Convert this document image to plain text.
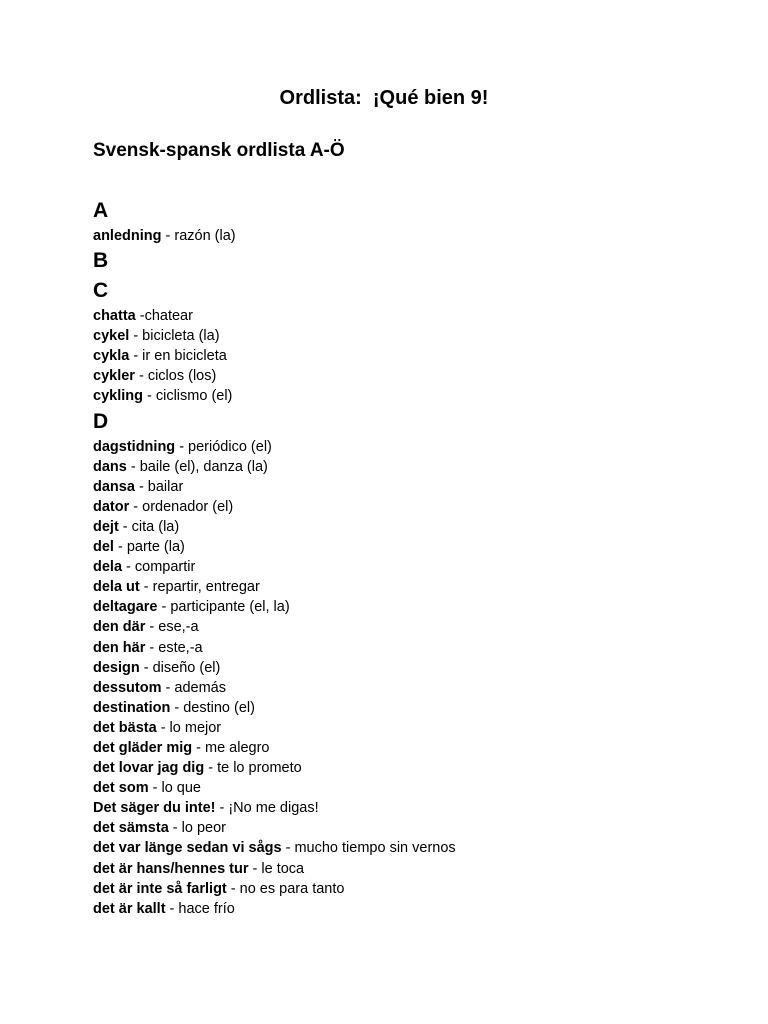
Ordlista:  ¡Qué bien 9!
Svensk-spansk ordlista A-Ö
A
anledning - razón (la)
B
C
chatta -chatear
cykel - bicicleta (la)
cykla - ir en bicicleta
cykler - ciclos (los)
cykling - ciclismo (el)
D
dagstidning - periódico (el)
dans - baile (el), danza (la)
dansa - bailar
dator - ordenador (el)
dejt - cita (la)
del - parte (la)
dela - compartir
dela ut - repartir, entregar
deltagare - participante (el, la)
den där - ese,-a
den här - este,-a
design - diseño (el)
dessutom - además
destination - destino (el)
det bästa - lo mejor
det gläder mig - me alegro
det lovar jag dig - te lo prometo
det som - lo que
Det säger du inte! - ¡No me digas!
det sämsta - lo peor
det var länge sedan vi sågs - mucho tiempo sin vernos
det är hans/hennes tur - le toca
det är inte så farligt - no es para tanto
det är kallt - hace frío
